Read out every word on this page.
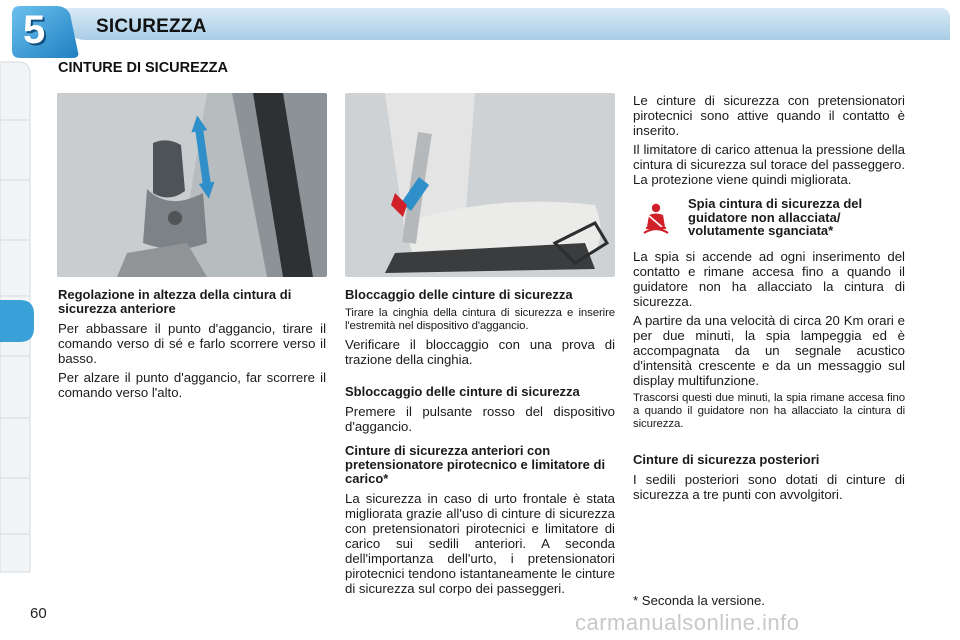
5	SICUREZZA
CINTURE DI SICUREZZA
Regolazione in altezza della cintura di sicurezza anteriore

Per abbassare il punto d'aggancio, tirare il comando verso di sé e farlo scorrere verso il basso.

Per alzare il punto d'aggancio, far scorrere il comando verso l'alto.

Bloccaggio delle cinture di sicurezza

Tirare la cinghia della cintura di sicurezza e inserire l'estremità nel dispositivo d'aggancio.

Verificare il bloccaggio con una prova di trazione della cinghia.

Sbloccaggio delle cinture di sicurezza

Premere il pulsante rosso del dispositivo d'aggancio.

Cinture di sicurezza anteriori con pretensionatore pirotecnico e limitatore di carico*

La sicurezza in caso di urto frontale è stata migliorata grazie all'uso di cinture di sicurezza con pretensionatori pirotecnici e limitatore di carico sui sedili anteriori. A seconda dell'importanza dell'urto, i pretensionatori pirotecnici tendono istantaneamente le cinture di sicurezza sul corpo dei passeggeri.

Le cinture di sicurezza con pretensionatori pirotecnici sono attive quando il contatto è inserito.

Il limitatore di carico attenua la pressione della cintura di sicurezza sul torace del passeggero. La protezione viene quindi migliorata.

Spia cintura di sicurezza del guidatore non allacciata/ volutamente sganciata*

La spia si accende ad ogni inserimento del contatto e rimane accesa fino a quando il guidatore non ha allacciato la cintura di sicurezza.

A partire da una velocità di circa 20 Km orari e per due minuti, la spia lampeggia ed è accompagnata da un segnale acustico d'intensità crescente e da un messaggio sul display multifunzione.

Trascorsi questi due minuti, la spia rimane accesa fino a quando il guidatore non ha allacciato la cintura di sicurezza.

Cinture di sicurezza posteriori

I sedili posteriori sono dotati di cinture di sicurezza a tre punti con avvolgitori.

* Seconda la versione.
60	carmanualsonline.info
